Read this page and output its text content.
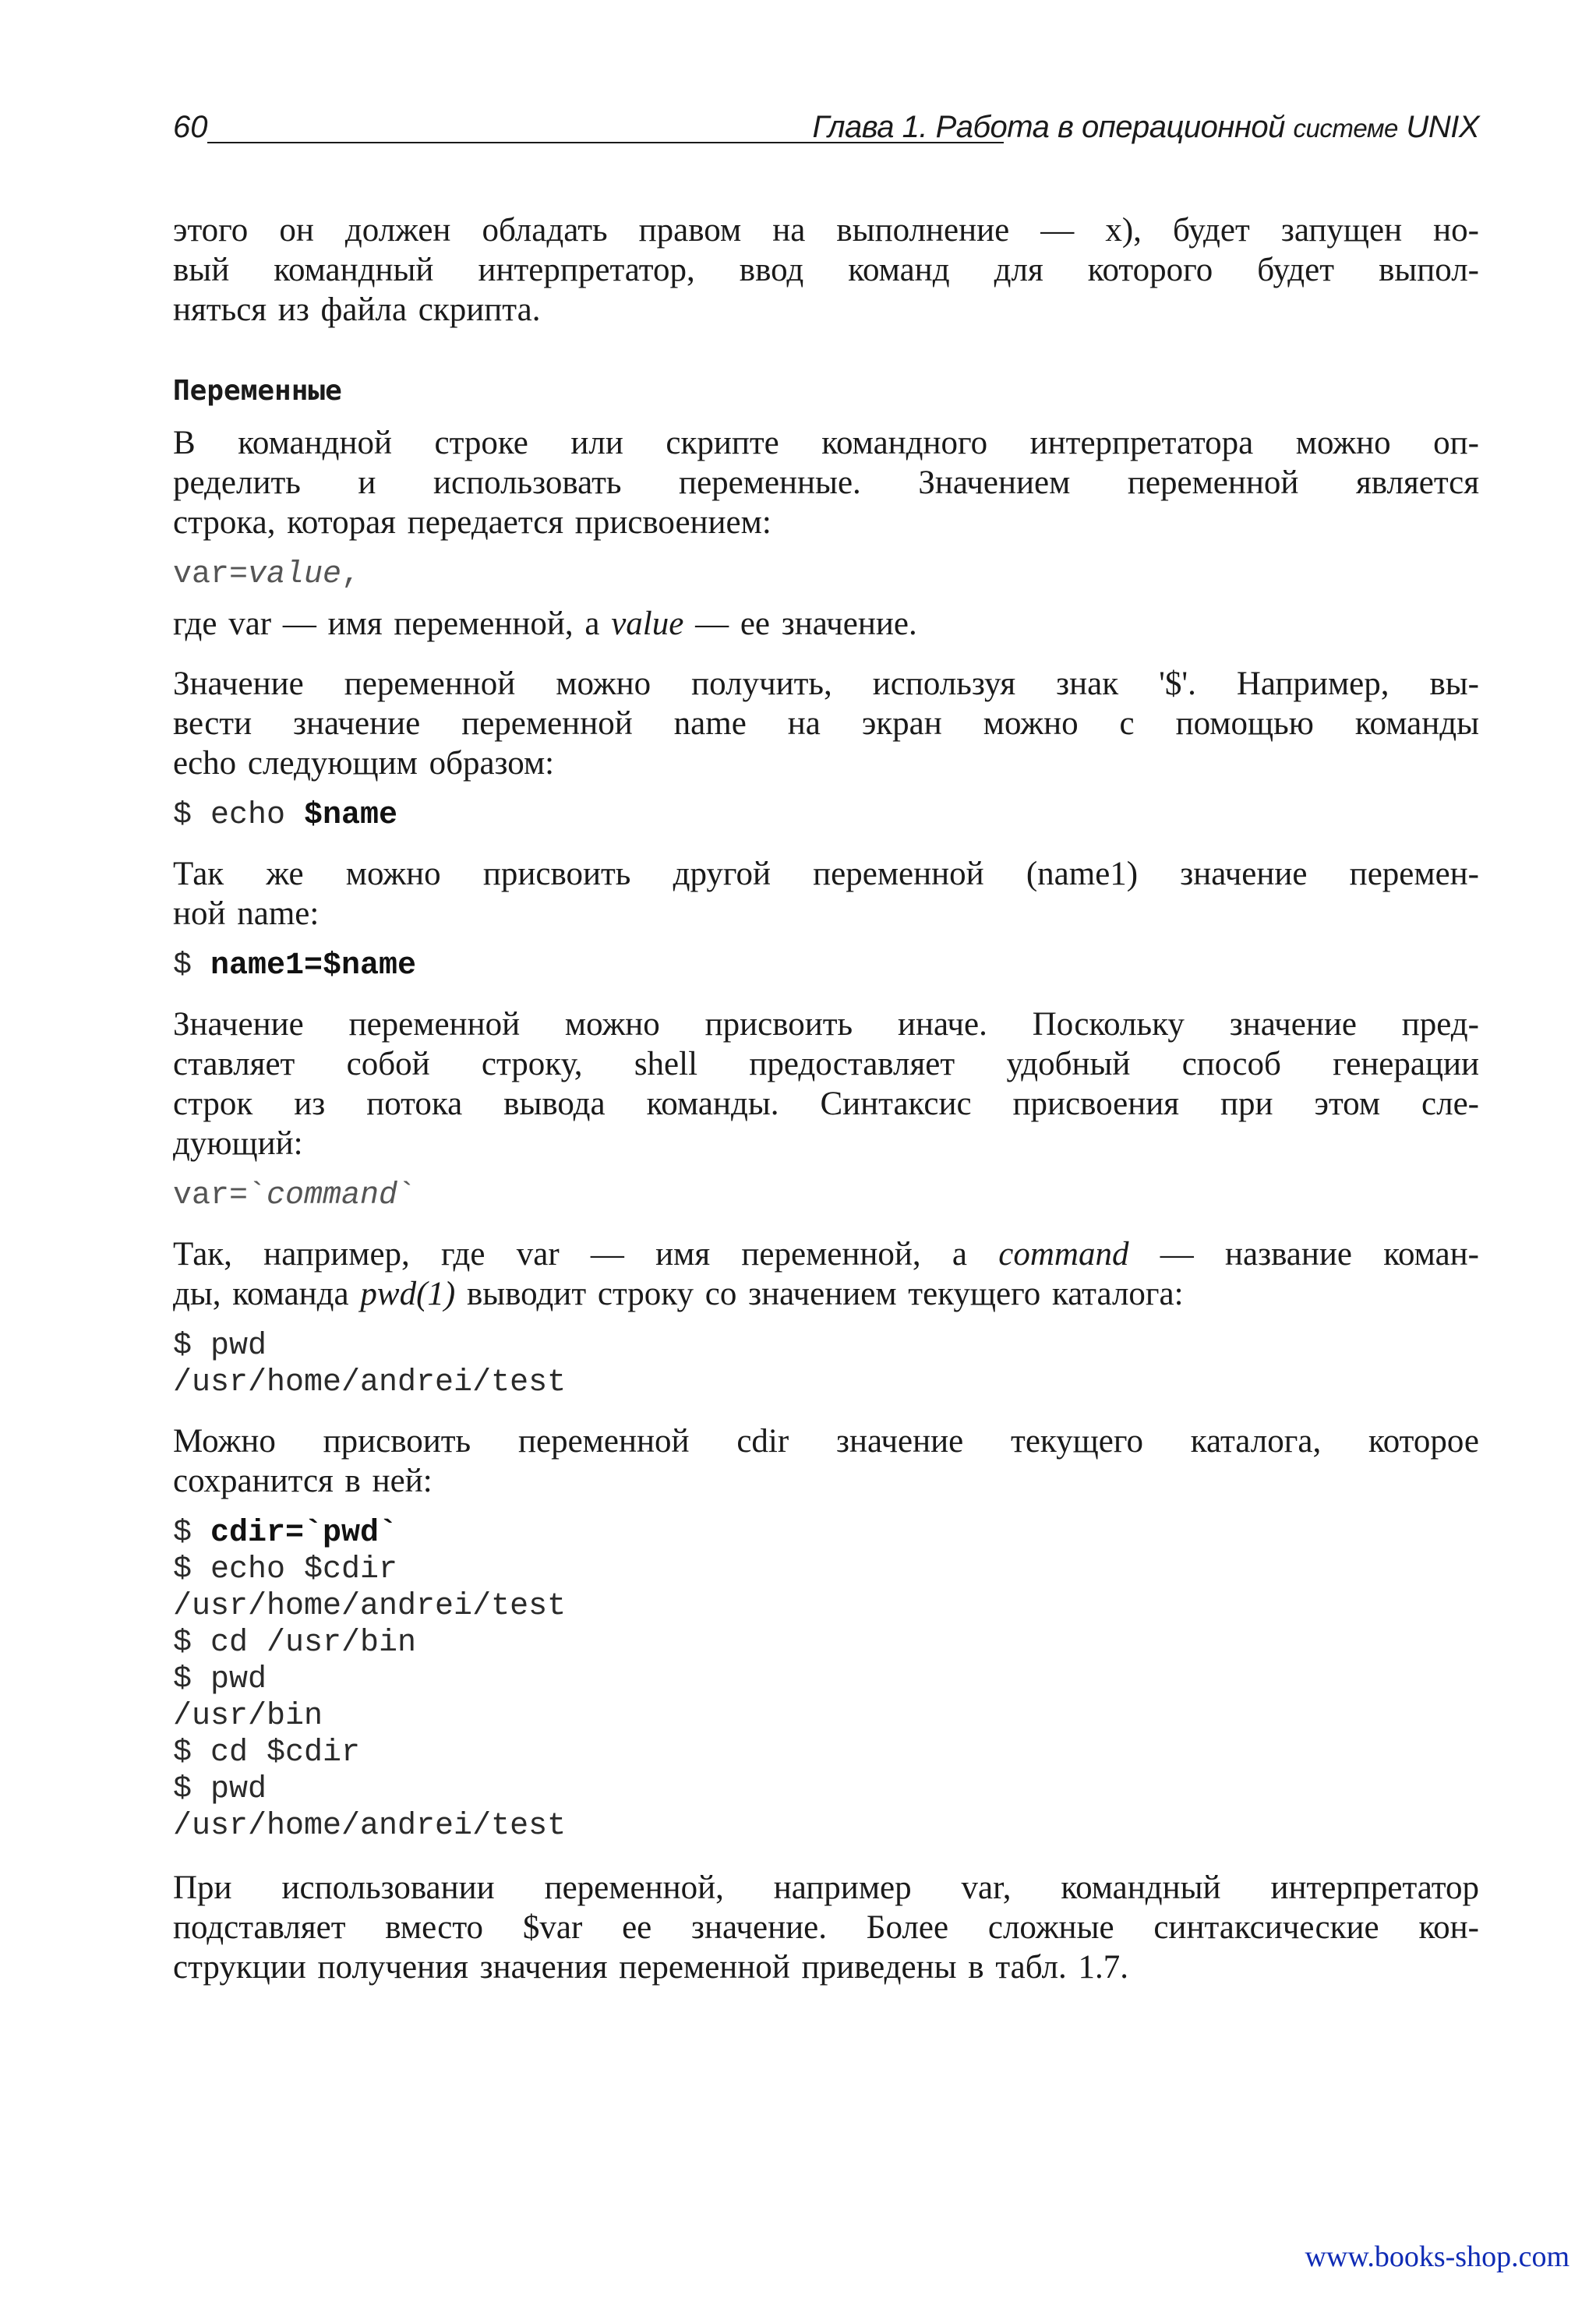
60	Глава 1. Работа в операционной системе UNIX

этого он должен обладать правом на выполнение — x), будет запущен но-
вый командный интерпретатор, ввод команд для которого будет выпол-
няться из файла скрипта.

Переменные

В командной строке или скрипте командного интерпретатора можно оп-
ределить и использовать переменные. Значением переменной является
строка, которая передается присвоением:

var=value,

где var — имя переменной, а value — ее значение.

Значение переменной можно получить, используя знак '$'. Например, вы-
вести значение переменной name на экран можно с помощью команды
echo следующим образом:

$ echo $name

Так же можно присвоить другой переменной (name1) значение перемен-
ной name:

$ name1=$name

Значение переменной можно присвоить иначе. Поскольку значение пред-
ставляет собой строку, shell предоставляет удобный способ генерации
строк из потока вывода команды. Синтаксис присвоения при этом сле-
дующий:

var=`command`

Так, например, где var — имя переменной, а command — название коман-
ды, команда pwd(1) выводит строку со значением текущего каталога:

$ pwd
/usr/home/andrei/test

Можно присвоить переменной cdir значение текущего каталога, которое
сохранится в ней:

$ cdir=`pwd`
$ echo $cdir
/usr/home/andrei/test
$ cd /usr/bin
$ pwd
/usr/bin
$ cd $cdir
$ pwd
/usr/home/andrei/test

При использовании переменной, например var, командный интерпретатор
подставляет вместо $var ее значение. Более сложные синтаксические кон-
струкции получения значения переменной приведены в табл. 1.7.

www.books-shop.com
